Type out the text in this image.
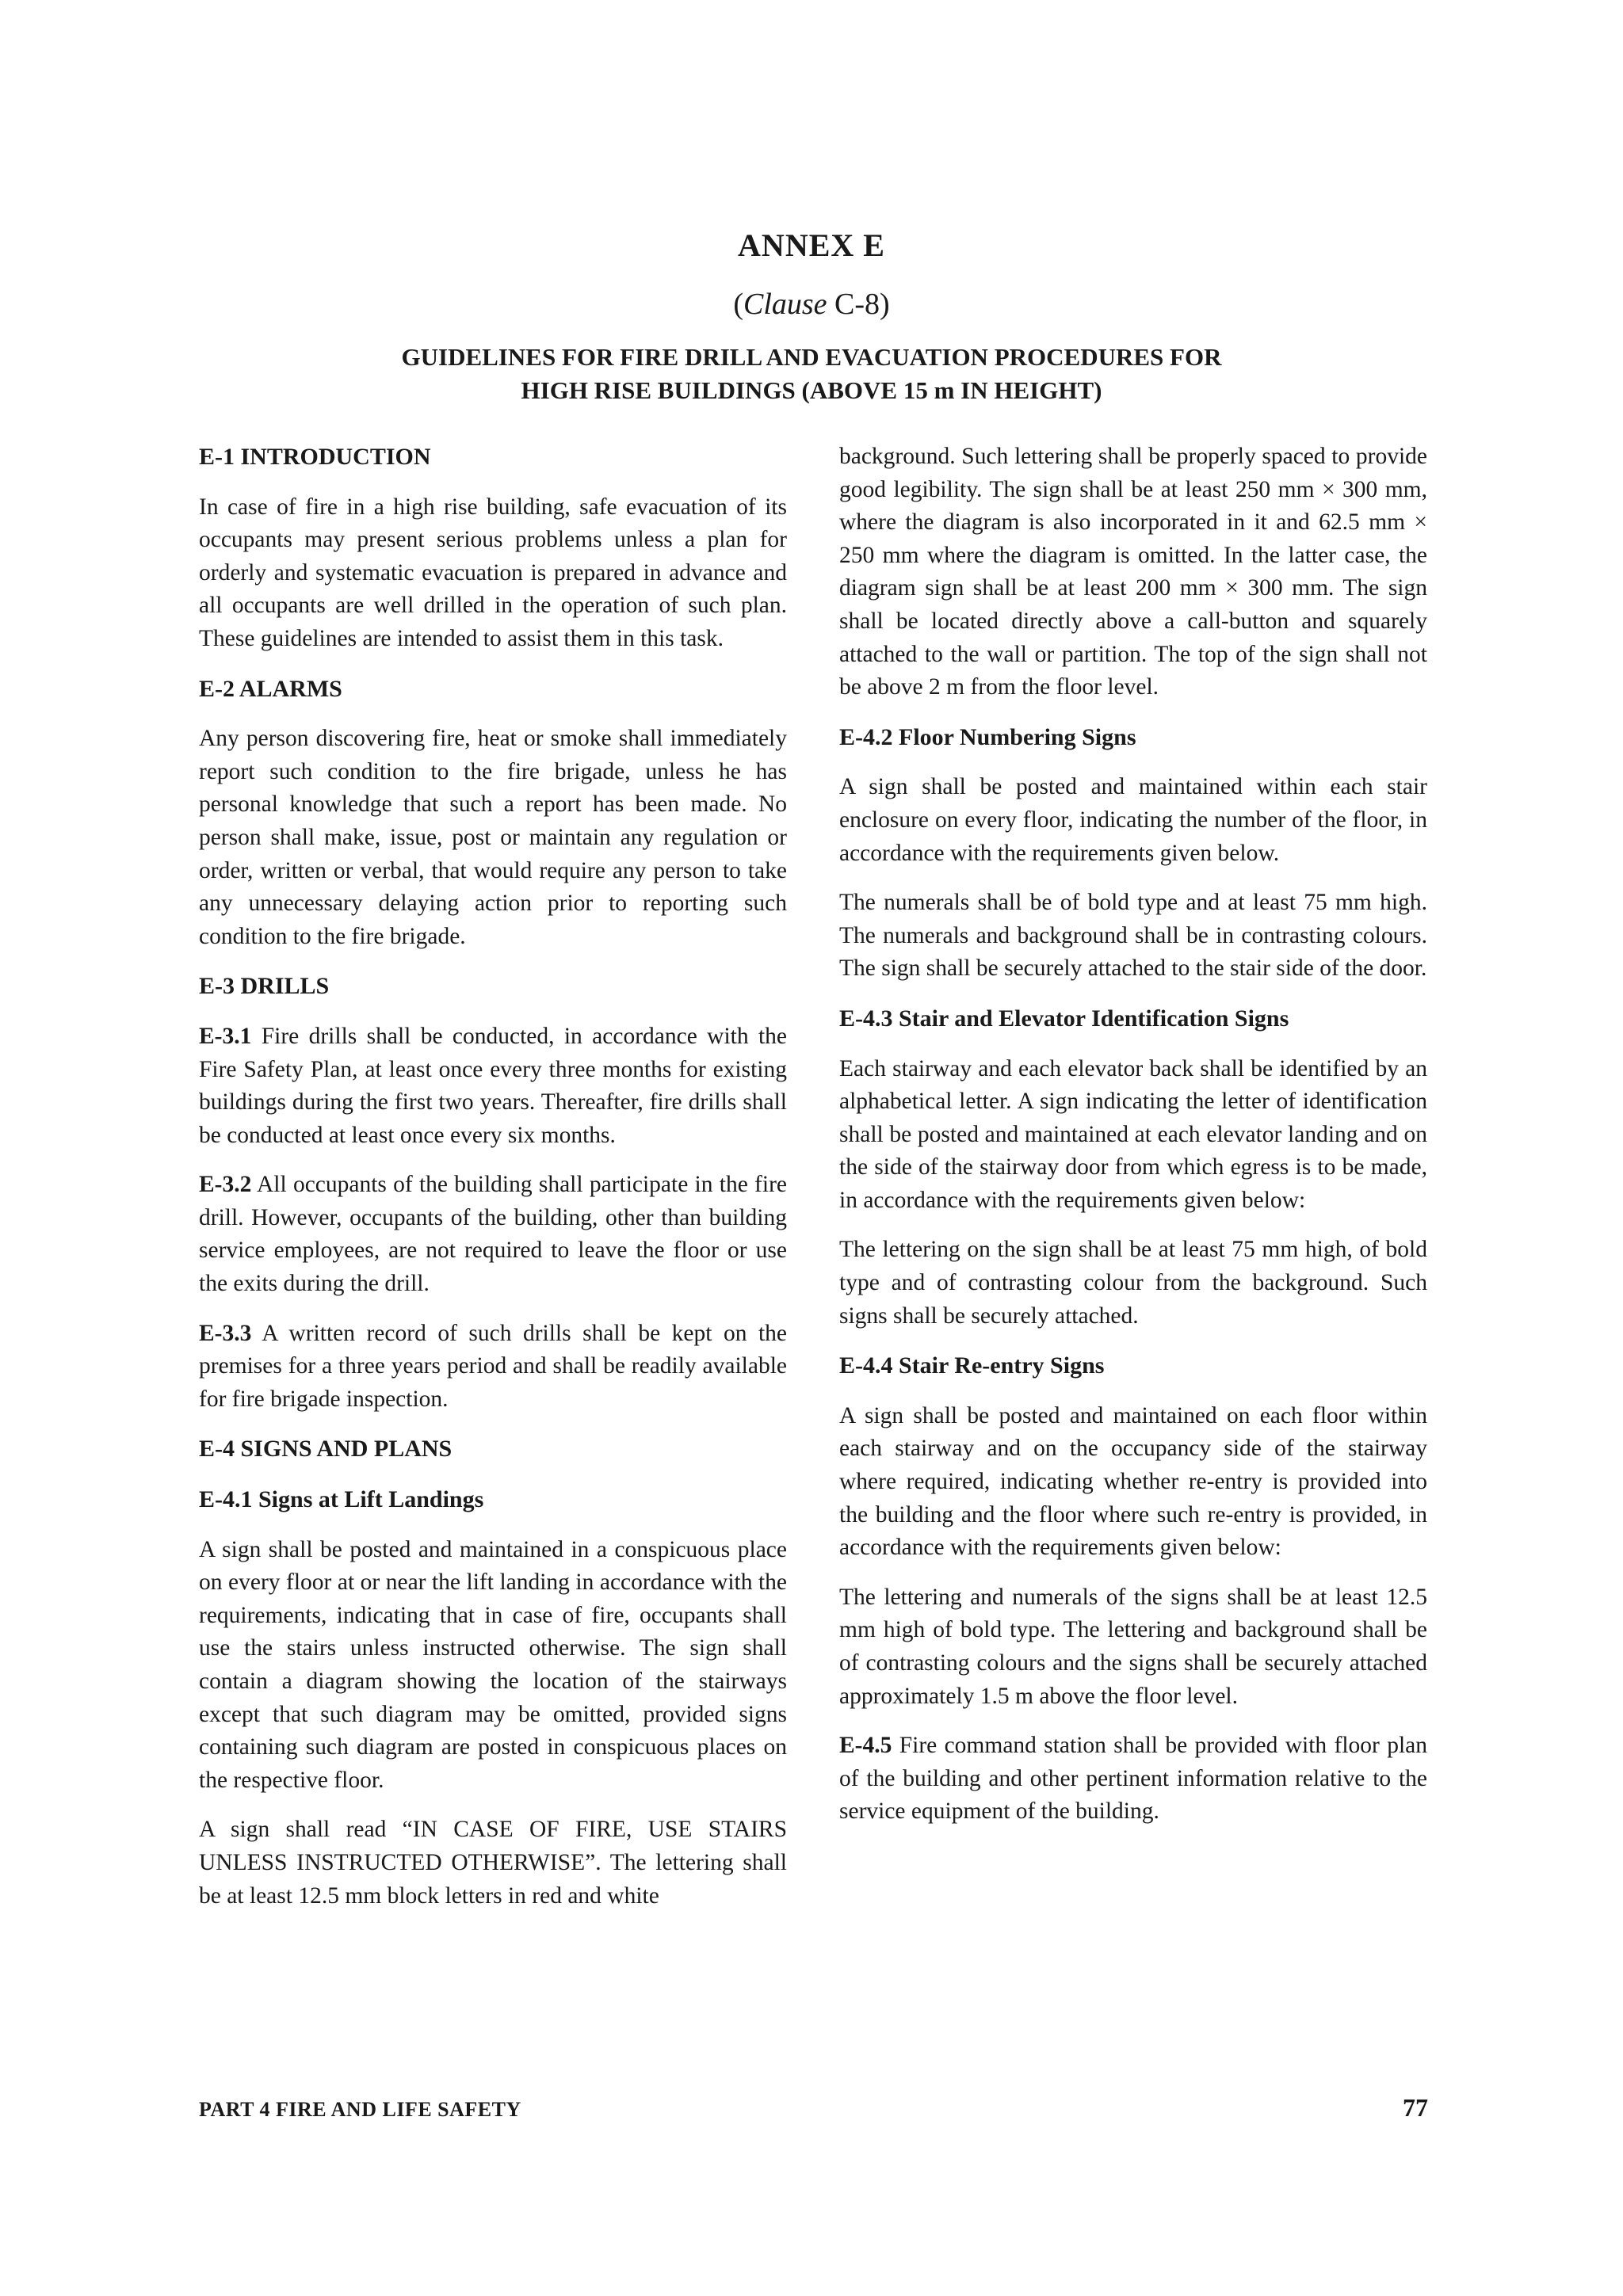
ANNEX E
(Clause C-8)
GUIDELINES FOR FIRE DRILL AND EVACUATION PROCEDURES FOR
HIGH RISE BUILDINGS (ABOVE 15 m IN HEIGHT)
E-1 INTRODUCTION

In case of fire in a high rise building, safe evacuation of its occupants may present serious problems unless a plan for orderly and systematic evacuation is prepared in advance and all occupants are well drilled in the operation of such plan. These guidelines are intended to assist them in this task.

E-2 ALARMS

Any person discovering fire, heat or smoke shall immediately report such condition to the fire brigade, unless he has personal knowledge that such a report has been made. No person shall make, issue, post or maintain any regulation or order, written or verbal, that would require any person to take any unnecessary delaying action prior to reporting such condition to the fire brigade.

E-3 DRILLS

E-3.1 Fire drills shall be conducted, in accordance with the Fire Safety Plan, at least once every three months for existing buildings during the first two years. Thereafter, fire drills shall be conducted at least once every six months.

E-3.2 All occupants of the building shall participate in the fire drill. However, occupants of the building, other than building service employees, are not required to leave the floor or use the exits during the drill.

E-3.3 A written record of such drills shall be kept on the premises for a three years period and shall be readily available for fire brigade inspection.

E-4 SIGNS AND PLANS
E-4.1 Signs at Lift Landings

A sign shall be posted and maintained in a conspicuous place on every floor at or near the lift landing in accordance with the requirements, indicating that in case of fire, occupants shall use the stairs unless instructed otherwise. The sign shall contain a diagram showing the location of the stairways except that such diagram may be omitted, provided signs containing such diagram are posted in conspicuous places on the respective floor.

A sign shall read “IN CASE OF FIRE, USE STAIRS UNLESS INSTRUCTED OTHERWISE”. The lettering shall be at least 12.5 mm block letters in red and white

background. Such lettering shall be properly spaced to provide good legibility. The sign shall be at least 250 mm × 300 mm, where the diagram is also incorporated in it and 62.5 mm × 250 mm where the diagram is omitted. In the latter case, the diagram sign shall be at least 200 mm × 300 mm. The sign shall be located directly above a call-button and squarely attached to the wall or partition. The top of the sign shall not be above 2 m from the floor level.

E-4.2 Floor Numbering Signs

A sign shall be posted and maintained within each stair enclosure on every floor, indicating the number of the floor, in accordance with the requirements given below.

The numerals shall be of bold type and at least 75 mm high. The numerals and background shall be in contrasting colours. The sign shall be securely attached to the stair side of the door.

E-4.3 Stair and Elevator Identification Signs

Each stairway and each elevator back shall be identified by an alphabetical letter. A sign indicating the letter of identification shall be posted and maintained at each elevator landing and on the side of the stairway door from which egress is to be made, in accordance with the requirements given below:

The lettering on the sign shall be at least 75 mm high, of bold type and of contrasting colour from the background. Such signs shall be securely attached.

E-4.4 Stair Re-entry Signs

A sign shall be posted and maintained on each floor within each stairway and on the occupancy side of the stairway where required, indicating whether re-entry is provided into the building and the floor where such re-entry is provided, in accordance with the requirements given below:

The lettering and numerals of the signs shall be at least 12.5 mm high of bold type. The lettering and background shall be of contrasting colours and the signs shall be securely attached approximately 1.5 m above the floor level.

E-4.5 Fire command station shall be provided with floor plan of the building and other pertinent information relative to the service equipment of the building.

PART 4 FIRE AND LIFE SAFETY	77
